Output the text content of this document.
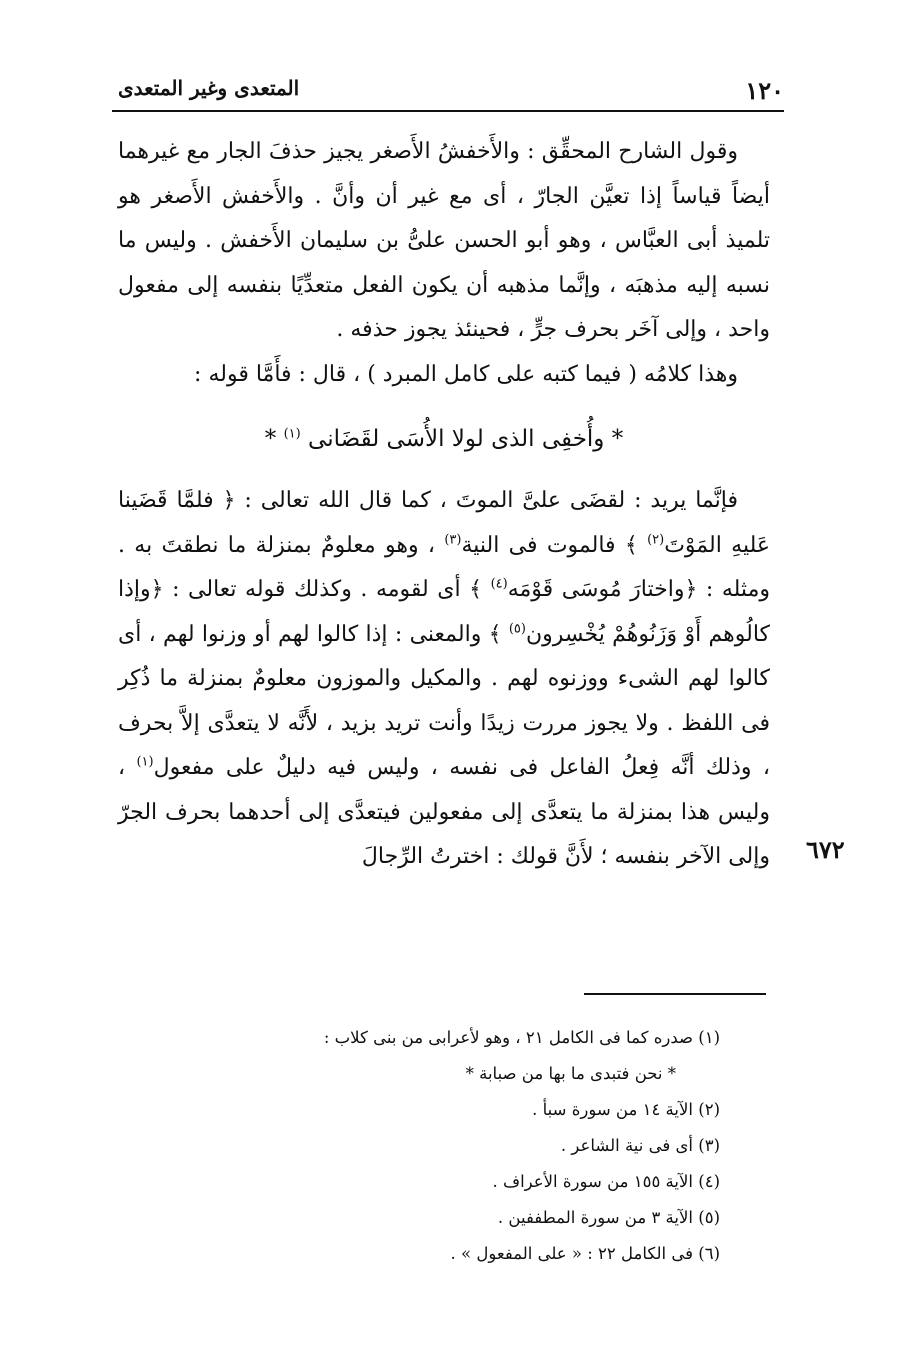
١٢٠
المتعدى وغير المتعدى

وقول الشارح المحقِّق : والأَخفشُ الأَصغر يجيز حذفَ الجار مع غيرهما أيضاً قياساً إذا تعيَّن الجارّ ، أى مع غير أن وأنَّ . والأَخفش الأَصغر هو تلميذ أبى العبَّاس ، وهو أبو الحسن علىُّ بن سليمان الأَخفش . وليس ما نسبه إليه مذهبَه ، وإنَّما مذهبه أن يكون الفعل متعدِّيًا بنفسه إلى مفعول واحد ، وإلى آخَر بحرف جرٍّ ، فحينئذ يجوز حذفه .

وهذا كلامُه ( فيما كتبه على كامل المبرد ) ، قال : فأَمَّا قوله :

* وأُخفِى الذى لولا الأُسَى لقَضَانى $^{(١)}$ *

فإنَّما يريد : لقضَى علىَّ الموتَ ، كما قال الله تعالى : ﴿ فلمَّا قَضَينا عَليهِ المَوْتَ$^{(٢)}$ ﴾ فالموت فى النية$^{(٣)}$ ، وهو معلومٌ بمنزلة ما نطقتَ به . ومثله : ﴿واختارَ مُوسَى قَوْمَه$^{(٤)}$ ﴾ أى لقومه . وكذلك قوله تعالى : ﴿وإذا كالُوهم أَوْ وَزَنُوهُمْ يُخْسِرون$^{(٥)}$ ﴾ والمعنى : إذا كالوا لهم أو وزنوا لهم ، أى كالوا لهم الشىء ووزنوه لهم . والمكيل والموزون معلومٌ بمنزلة ما ذُكِر فى اللفظ . ولا يجوز مررت زيدًا وأنت تريد بزيد ، لأَنَّه لا يتعدَّى إلاَّ بحرف ، وذلك أنَّه فِعلُ الفاعل فى نفسه ، وليس فيه دليلٌ على مفعول$^{(١)}$ ، وليس هذا بمنزلة ما يتعدَّى إلى مفعولين فيتعدَّى إلى أحدهما بحرف الجرّ وإلى الآخر بنفسه ؛ لأَنَّ قولك : اخترتُ الرِّجالَ ٦٧٢
(١) صدره كما فى الكامل ٢١ ، وهو لأعرابى من بنى كلاب :
* نحن فتبدى ما بها من صبابة *
(٢) الآية ١٤ من سورة سبأ .
(٣) أى فى نية الشاعر .
(٤) الآية ١٥٥ من سورة الأعراف .
(٥) الآية ٣ من سورة المطففين .
(٦) فى الكامل ٢٢ : « على المفعول » .
